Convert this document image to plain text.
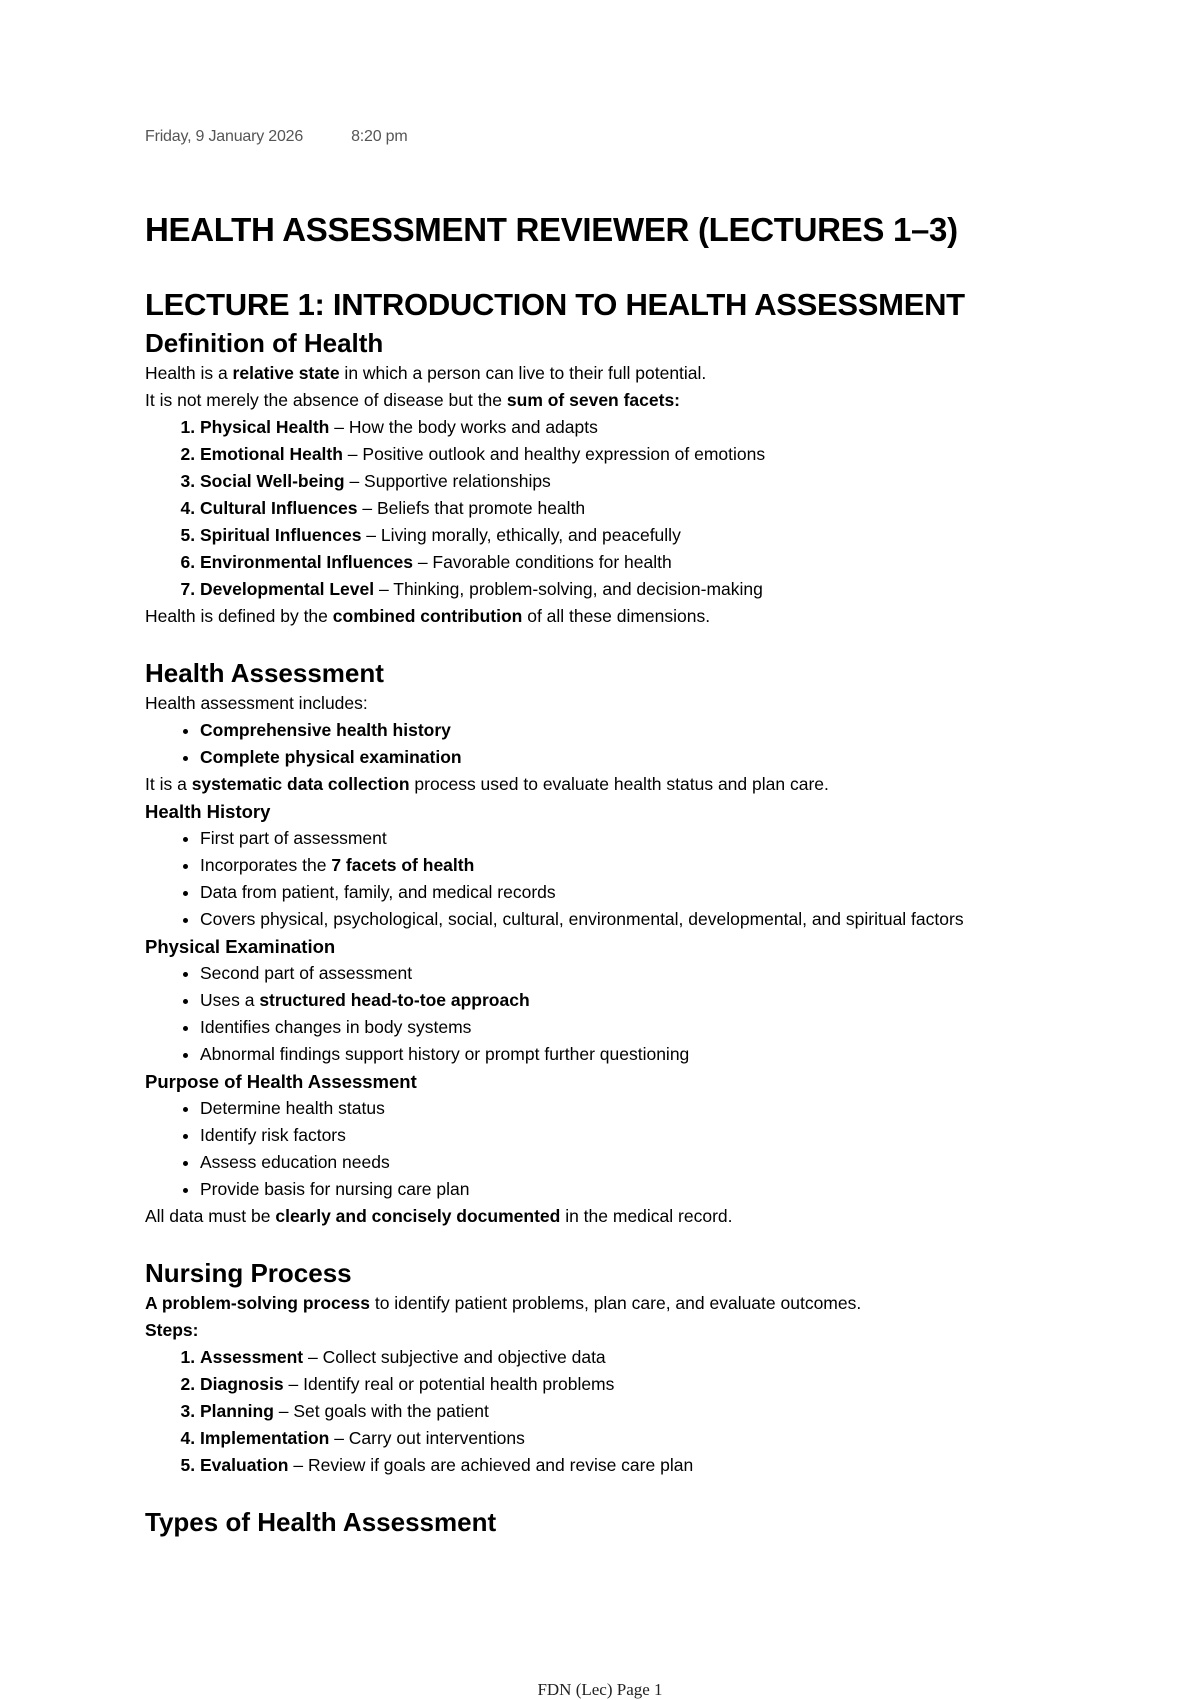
Friday, 9 January 2026	8:20 pm
HEALTH ASSESSMENT REVIEWER (LECTURES 1–3)
LECTURE 1: INTRODUCTION TO HEALTH ASSESSMENT
Definition of Health

Health is a relative state in which a person can live to their full potential.

It is not merely the absence of disease but the sum of seven facets:

1. Physical Health – How the body works and adapts
2. Emotional Health – Positive outlook and healthy expression of emotions
3. Social Well-being – Supportive relationships
4. Cultural Influences – Beliefs that promote health
5. Spiritual Influences – Living morally, ethically, and peacefully
6. Environmental Influences – Favorable conditions for health
7. Developmental Level – Thinking, problem-solving, and decision-making

Health is defined by the combined contribution of all these dimensions.

Health Assessment

Health assessment includes:

• Comprehensive health history
• Complete physical examination

It is a systematic data collection process used to evaluate health status and plan care.

Health History
• First part of assessment
• Incorporates the 7 facets of health
• Data from patient, family, and medical records
• Covers physical, psychological, social, cultural, environmental, developmental, and spiritual factors
Physical Examination
• Second part of assessment
• Uses a structured head-to-toe approach
• Identifies changes in body systems
• Abnormal findings support history or prompt further questioning
Purpose of Health Assessment
• Determine health status
• Identify risk factors
• Assess education needs
• Provide basis for nursing care plan

All data must be clearly and concisely documented in the medical record.

Nursing Process

A problem-solving process to identify patient problems, plan care, and evaluate outcomes.

Steps:

1. Assessment – Collect subjective and objective data
2. Diagnosis – Identify real or potential health problems
3. Planning – Set goals with the patient
4. Implementation – Carry out interventions
5. Evaluation – Review if goals are achieved and revise care plan
Types of Health Assessment
FDN (Lec) Page 1
